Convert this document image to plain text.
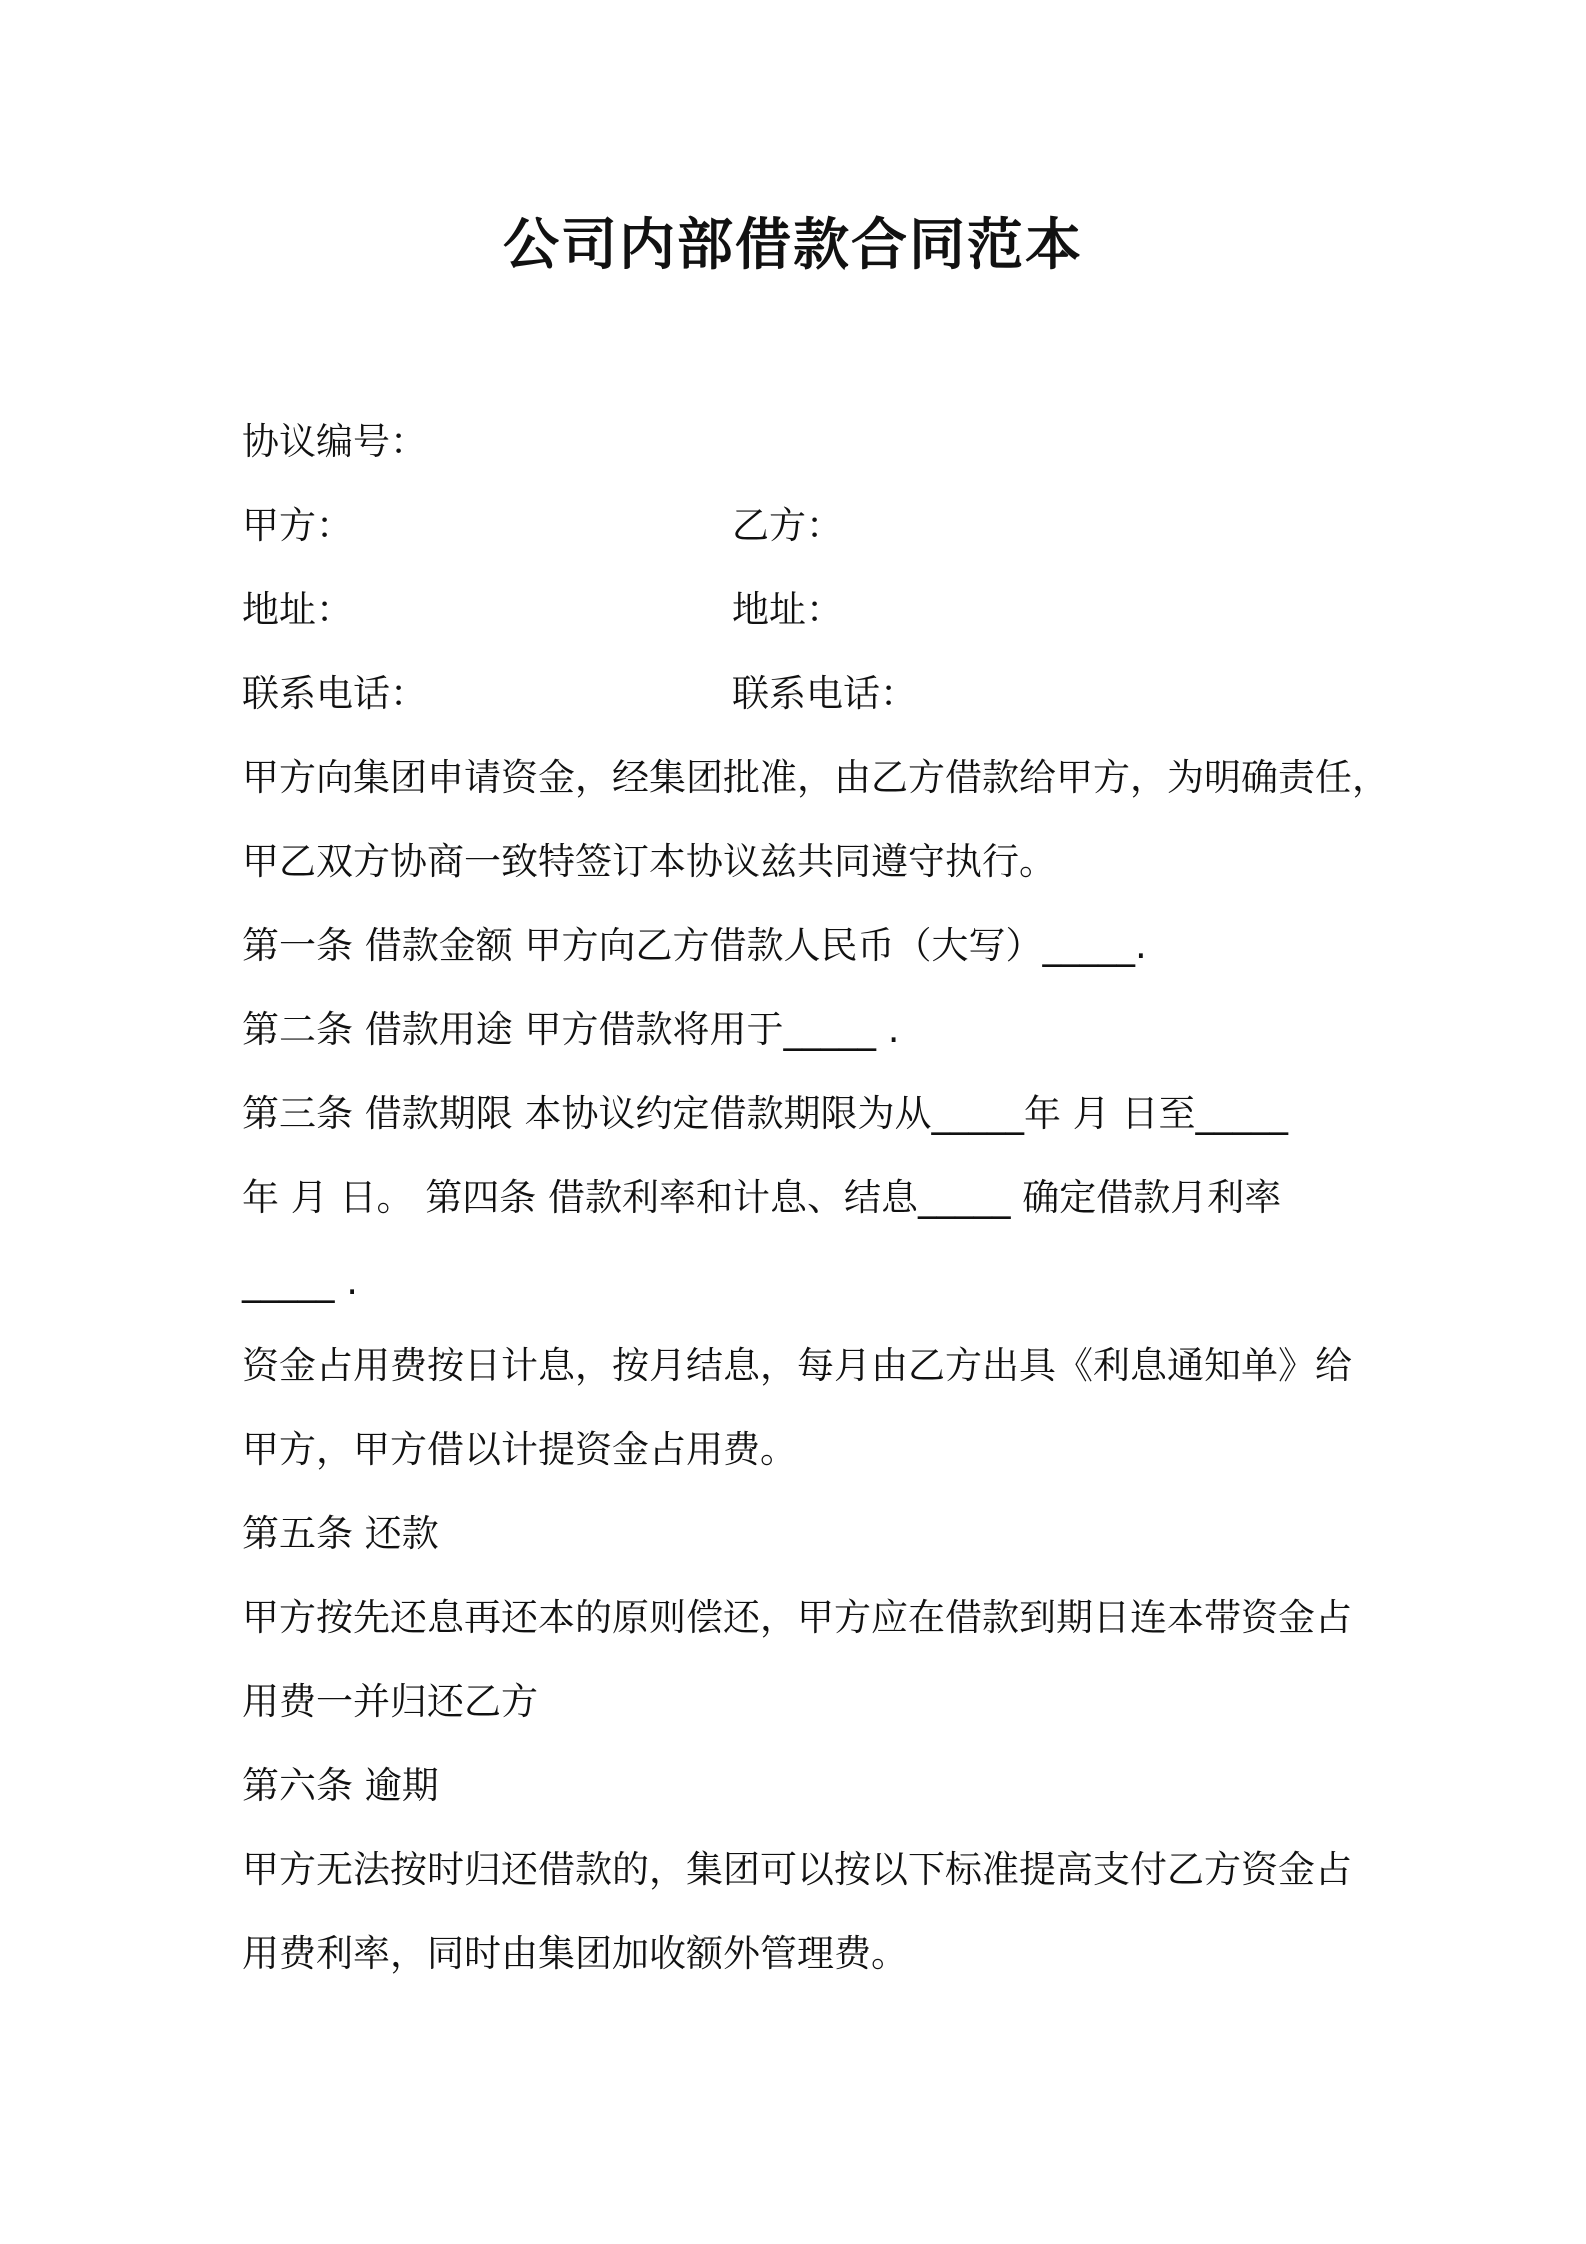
公司内部借款合同范本
协议编号：
甲方：	乙方：
地址：	地址：
联系电话：	联系电话：
甲方向集团申请资金，经集团批准，由乙方借款给甲方，为明确责任，
甲乙双方协商一致特签订本协议兹共同遵守执行。
第一条 借款金额 甲方向乙方借款人民币（大写）_____.
第二条 借款用途 甲方借款将用于_____ .
第三条 借款期限 本协议约定借款期限为从_____年 月 日至_____
年 月 日。 第四条 借款利率和计息、结息_____ 确定借款月利率
_____ .
资金占用费按日计息，按月结息，每月由乙方出具《利息通知单》给
甲方，甲方借以计提资金占用费。
第五条 还款
甲方按先还息再还本的原则偿还，甲方应在借款到期日连本带资金占
用费一并归还乙方
第六条 逾期
甲方无法按时归还借款的，集团可以按以下标准提高支付乙方资金占
用费利率，同时由集团加收额外管理费。
